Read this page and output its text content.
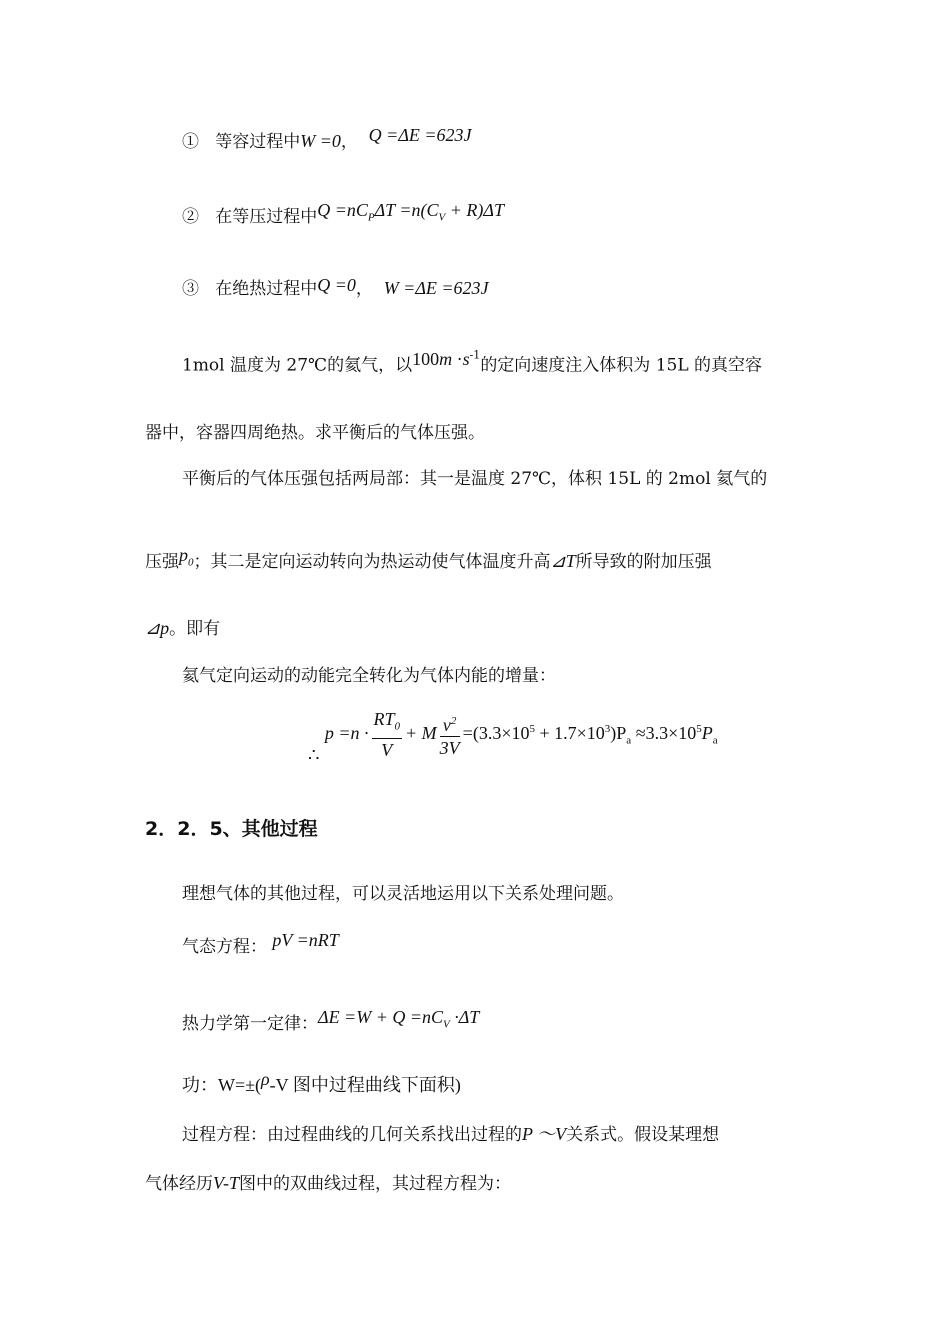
① 等容过程中W =0， Q =ΔE =623J
② 在等压过程中$Q =nC_P\Delta T =n(C_V + R)\Delta T$
③ 在绝热过程中Q =0， W =ΔE =623J
1mol 温度为 27℃的氦气，以$100m \cdot s^{-1}$的定向速度注入体积为 15L 的真空容
器中，容器四周绝热。求平衡后的气体压强。
平衡后的气体压强包括两局部：其一是温度 27℃，体积 15L 的 2mol 氦气的
压强$p_0$；其二是定向运动转向为热运动使气体温度升高⊿T所导致的附加压强
⊿p。即有
氦气定向运动的动能完全转化为气体内能的增量：
∴ $p =n \cdot \frac{RT_0}{V} + M \frac{v^2}{3V} =(3.3\times 10^5 + 1.7\times 10^3)P_a \approx 3.3\times 10^5P_a$
2．2．5、其他过程
理想气体的其他过程，可以灵活地运用以下关系处理问题。
气态方程： pV =nRT
热力学第一定律：$\Delta E =W + Q =nC_V \cdot\Delta T$
功：W=±(ρ-V 图中过程曲线下面积)
过程方程：由过程曲线的几何关系找出过程的P ～V关系式。假设某理想
气体经历V-T图中的双曲线过程，其过程方程为：
